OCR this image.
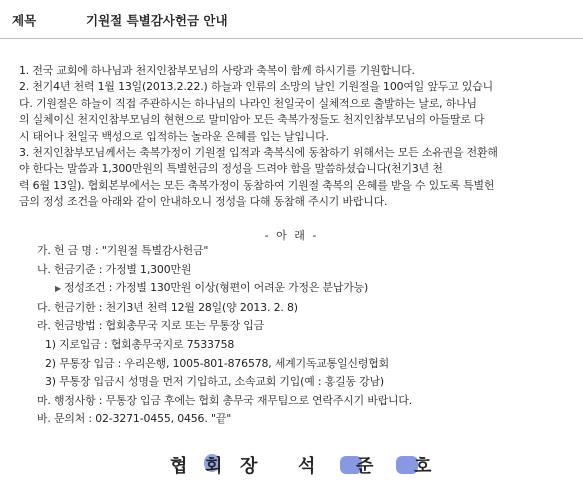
제목	기원절 특별감사헌금 안내
1. 전국 교회에 하나님과 천지인참부모님의 사랑과 축복이 함께 하시기를 기원합니다.
2. 천기4년 천력 1월 13일(2013.2.22.) 하늘과 인류의 소망의 날인 기원절을 100여일 앞두고 있습니
다. 기원절은 하늘이 직접 주관하시는 하나님의 나라인 천일국이 실체적으로 출발하는 날로, 하나님
의 실체이신 천지인참부모님의 현현으로 말미암아 모든 축복가정들도 천지인참부모님의 아들딸로 다
시 태어나 천일국 백성으로 입적하는 놀라운 은혜를 입는 날입니다.
3. 천지인참부모님께서는 축복가정이 기원절 입적과 축복식에 동참하기 위해서는 모든 소유권을 전환해
야 한다는 말씀과 1,300만원의 특별헌금의 정성을 드려야 함을 말씀하셨습니다(천기3년 천
력 6월 13일). 협회본부에서는 모든 축복가정이 동참하여 기원절 축복의 은혜를 받을 수 있도록 특별헌
금의 정성 조건을 아래와 같이 안내하오니 정성을 다해 동참해 주시기 바랍니다.
- 아 래 -
가. 헌 금 명 : "기원절 특별감사헌금"
나. 헌금기준 : 가정별 1,300만원
▶ 정성조건 : 가정별 130만원 이상(형편이 어려운 가정은 분납가능)
다. 헌금기한 : 천기3년 천력 12월 28일(양 2013. 2. 8)
라. 헌금방법 : 협회총무국 지로 또는 무통장 입금
1) 지로입금 : 협회총무국지로 7533758
2) 무통장 입금 : 우리은행, 1005-801-876578, 세계기독교통일신령협회
3) 무통장 입금시 성명을 먼저 기입하고, 소속교회 기입(예 : 홍길동 강남)
마. 행정사항 : 무통장 입금 후에는 협회 총무국 재무팀으로 연락주시기 바랍니다.
바. 문의처 : 02-3271-0455, 0456. "끝"
협 회 장 석 준 호
